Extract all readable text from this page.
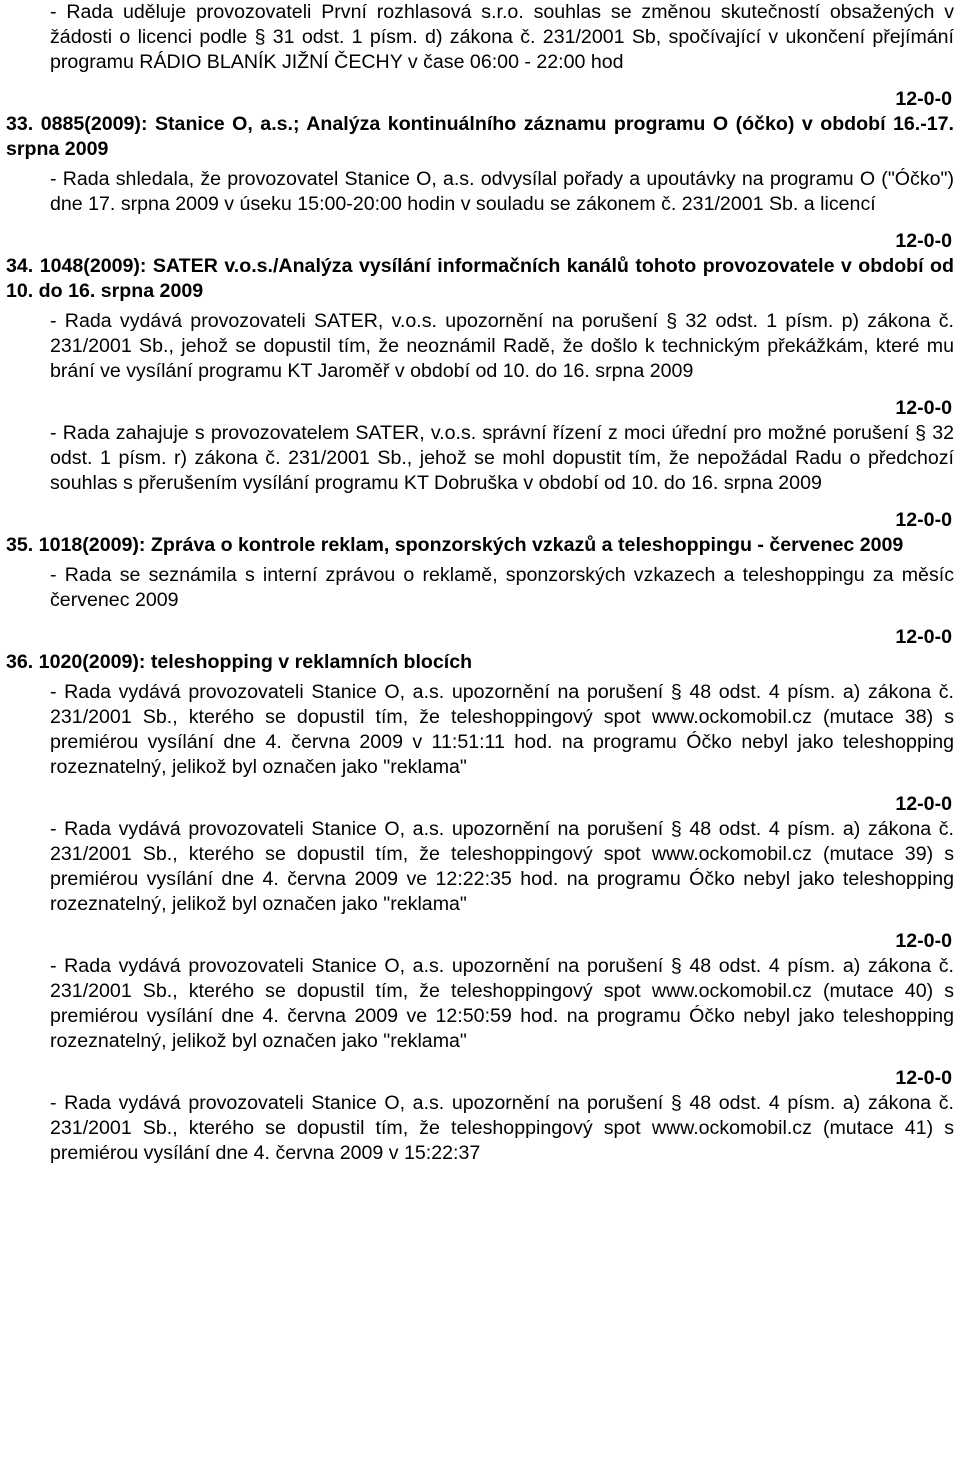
- Rada uděluje provozovateli První rozhlasová s.r.o. souhlas se změnou skutečností obsažených v žádosti o licenci podle § 31 odst. 1 písm. d) zákona č. 231/2001 Sb, spočívající v ukončení přejímání programu RÁDIO BLANÍK JIŽNÍ ČECHY v čase 06:00 - 22:00 hod

12-0-0

33. 0885(2009): Stanice O, a.s.; Analýza kontinuálního záznamu programu O (óčko) v období 16.-17. srpna 2009

- Rada shledala, že provozovatel Stanice O, a.s. odvysílal pořady a upoutávky na programu O ("Óčko") dne 17. srpna 2009 v úseku 15:00-20:00 hodin v souladu se zákonem č. 231/2001 Sb. a licencí

12-0-0

34. 1048(2009): SATER v.o.s./Analýza vysílání informačních kanálů tohoto provozovatele v období od 10. do 16. srpna 2009

- Rada vydává provozovateli SATER, v.o.s. upozornění na porušení § 32 odst. 1 písm. p) zákona č. 231/2001 Sb., jehož se dopustil tím, že neoznámil Radě, že došlo k technickým překážkám, které mu brání ve vysílání programu KT Jaroměř v období od 10. do 16. srpna 2009

12-0-0

- Rada zahajuje s provozovatelem SATER, v.o.s. správní řízení z moci úřední pro možné porušení § 32 odst. 1 písm. r) zákona č. 231/2001 Sb., jehož se mohl dopustit tím, že nepožádal Radu o předchozí souhlas s přerušením vysílání programu KT Dobruška v období od 10. do 16. srpna 2009

12-0-0

35. 1018(2009): Zpráva o kontrole reklam, sponzorských vzkazů a teleshoppingu - červenec 2009

- Rada se seznámila s interní zprávou o reklamě, sponzorských vzkazech a teleshoppingu za měsíc červenec 2009

12-0-0

36. 1020(2009): teleshopping v reklamních blocích

- Rada vydává provozovateli Stanice O, a.s. upozornění na porušení § 48 odst. 4 písm. a) zákona č. 231/2001 Sb., kterého se dopustil tím, že teleshoppingový spot www.ockomobil.cz (mutace 38) s premiérou vysílání dne 4. června 2009 v 11:51:11 hod. na programu Óčko nebyl jako teleshopping rozeznatelný, jelikož byl označen jako "reklama"

12-0-0

- Rada vydává provozovateli Stanice O, a.s. upozornění na porušení § 48 odst. 4 písm. a) zákona č. 231/2001 Sb., kterého se dopustil tím, že teleshoppingový spot www.ockomobil.cz (mutace 39) s premiérou vysílání dne 4. června 2009 ve 12:22:35 hod. na programu Óčko nebyl jako teleshopping rozeznatelný, jelikož byl označen jako "reklama"

12-0-0

- Rada vydává provozovateli Stanice O, a.s. upozornění na porušení § 48 odst. 4 písm. a) zákona č. 231/2001 Sb., kterého se dopustil tím, že teleshoppingový spot www.ockomobil.cz (mutace 40) s premiérou vysílání dne 4. června 2009 ve 12:50:59 hod. na programu Óčko nebyl jako teleshopping rozeznatelný, jelikož byl označen jako "reklama"

12-0-0

- Rada vydává provozovateli Stanice O, a.s. upozornění na porušení § 48 odst. 4 písm. a) zákona č. 231/2001 Sb., kterého se dopustil tím, že teleshoppingový spot www.ockomobil.cz (mutace 41) s premiérou vysílání dne 4. června 2009 v 15:22:37
